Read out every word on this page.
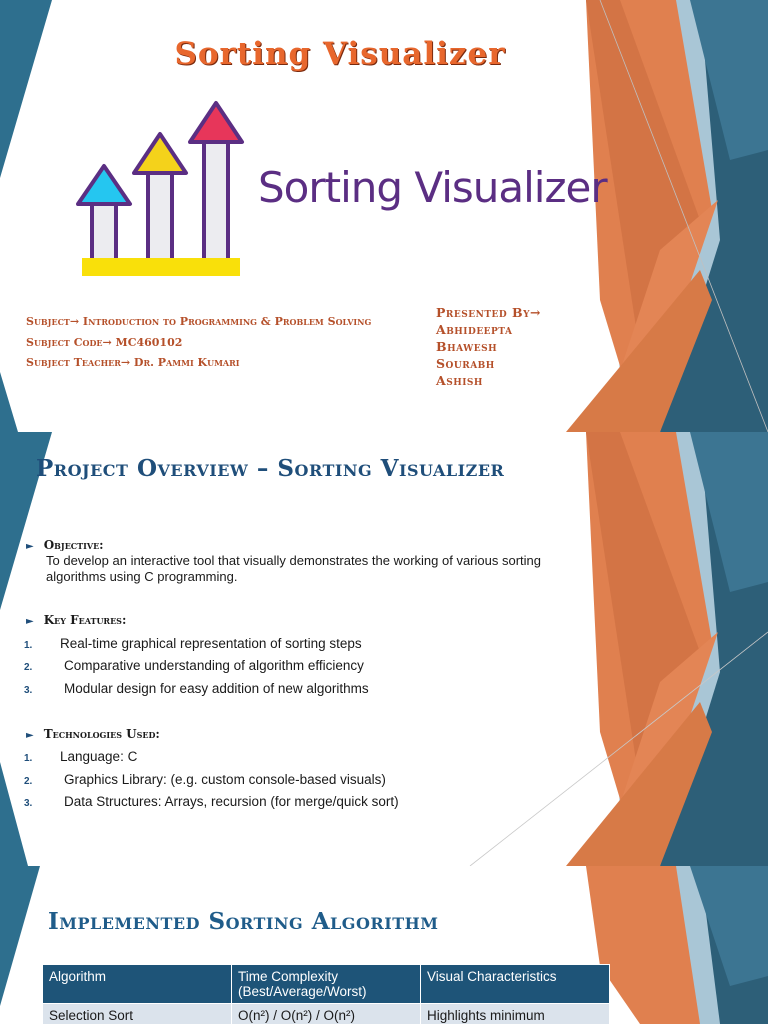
Sorting Visualizer
Sorting Visualizer
Subject→ Introduction to Programming & Problem Solving
Subject Code→ MC460102
Subject Teacher→ Dr. Pammi Kumari
Presented By→
Abhideepta
Bhawesh
Sourabh
Ashish
Project Overview – Sorting Visualizer
► Objective:
To develop an interactive tool that visually demonstrates the working of various sorting algorithms using C programming.
► Key Features:
1. Real-time graphical representation of sorting steps
2. Comparative understanding of algorithm efficiency
3. Modular design for easy addition of new algorithms
► Technologies Used:
1. Language: C
2. Graphics Library: (e.g. custom console-based visuals)
3. Data Structures: Arrays, recursion (for merge/quick sort)
Implemented Sorting Algorithm
Algorithm	Time Complexity (Best/Average/Worst)	Visual Characteristics
Selection Sort	O(n²) / O(n²) / O(n²)	Highlights minimum
